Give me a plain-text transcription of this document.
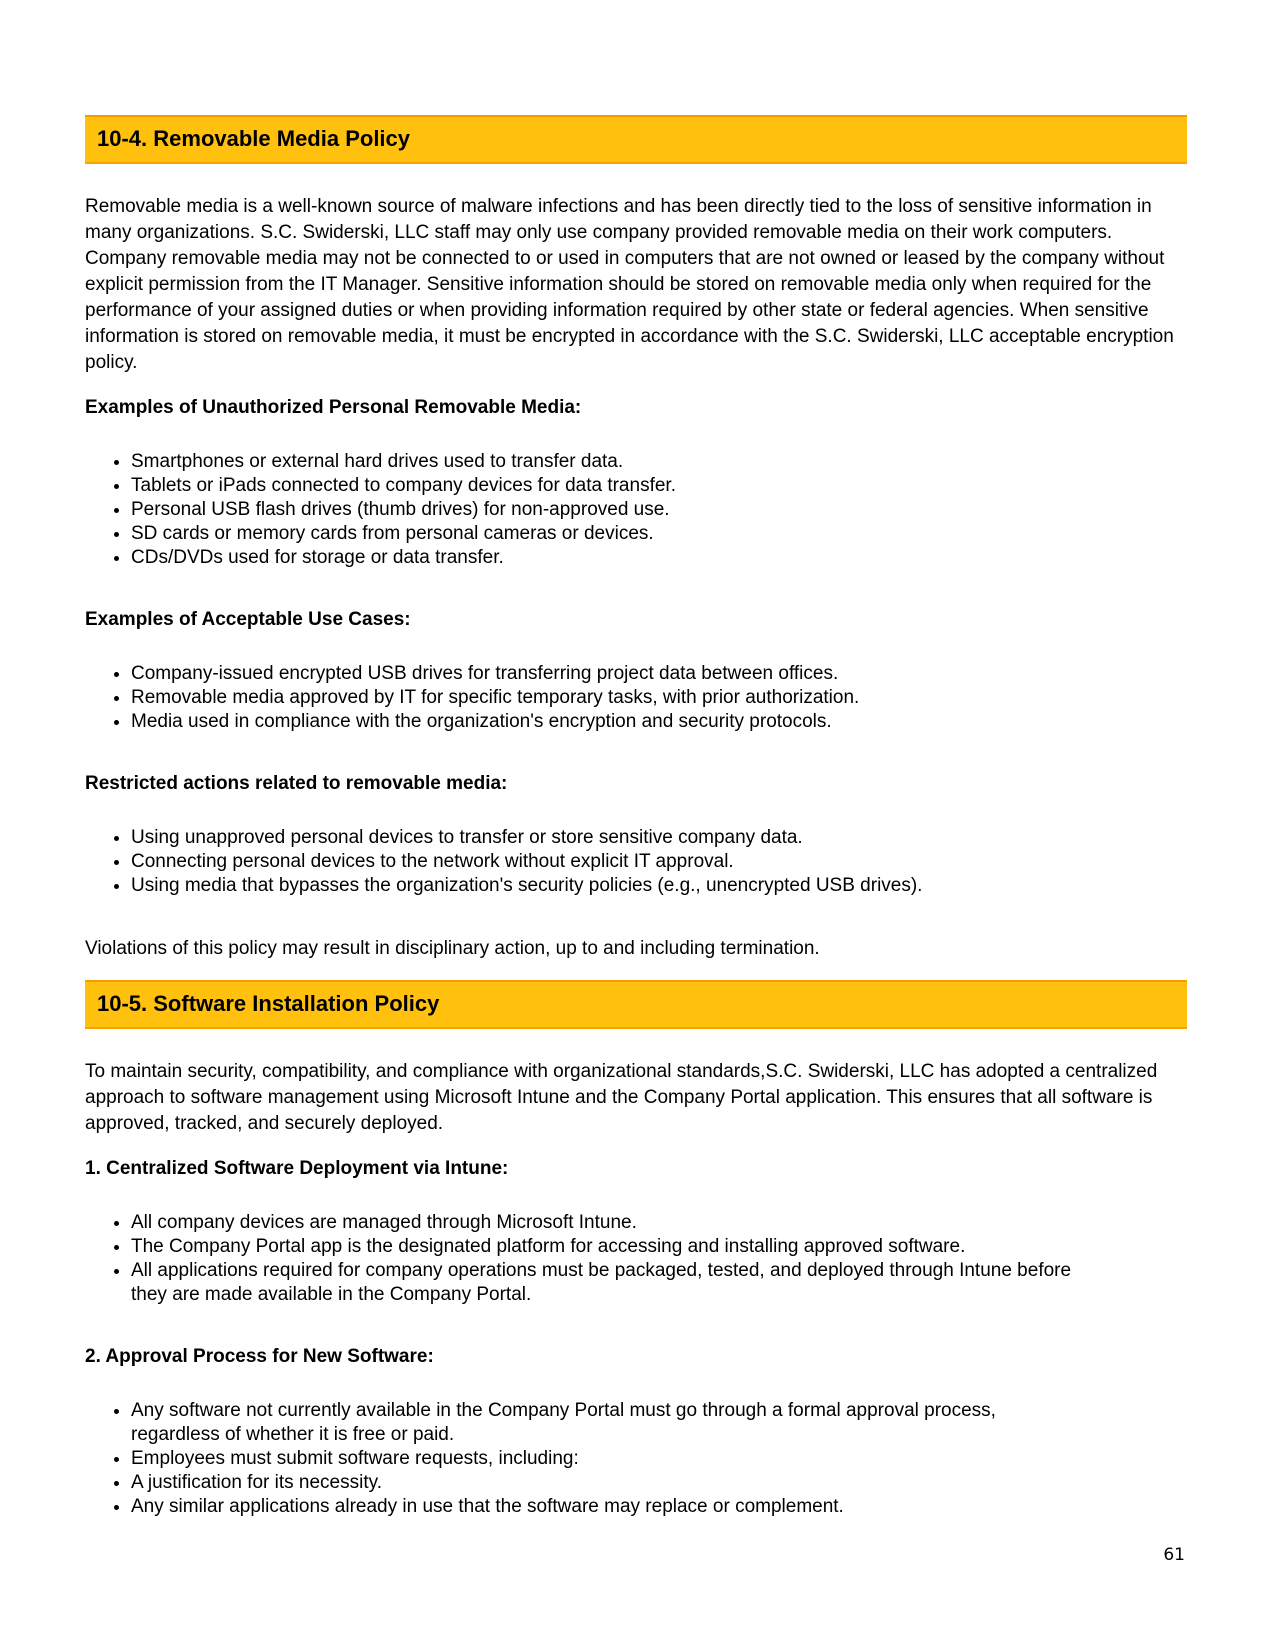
10-4. Removable Media Policy

Removable media is a well-known source of malware infections and has been directly tied to the loss of sensitive information in many organizations. S.C. Swiderski, LLC staff may only use company provided removable media on their work computers. Company removable media may not be connected to or used in computers that are not owned or leased by the company without explicit permission from the IT Manager. Sensitive information should be stored on removable media only when required for the performance of your assigned duties or when providing information required by other state or federal agencies. When sensitive information is stored on removable media, it must be encrypted in accordance with the S.C. Swiderski, LLC acceptable encryption policy.

Examples of Unauthorized Personal Removable Media:
• Smartphones or external hard drives used to transfer data.
• Tablets or iPads connected to company devices for data transfer.
• Personal USB flash drives (thumb drives) for non-approved use.
• SD cards or memory cards from personal cameras or devices.
• CDs/DVDs used for storage or data transfer.
Examples of Acceptable Use Cases:
• Company-issued encrypted USB drives for transferring project data between offices.
• Removable media approved by IT for specific temporary tasks, with prior authorization.
• Media used in compliance with the organization's encryption and security protocols.
Restricted actions related to removable media:
• Using unapproved personal devices to transfer or store sensitive company data.
• Connecting personal devices to the network without explicit IT approval.
• Using media that bypasses the organization's security policies (e.g., unencrypted USB drives).

Violations of this policy may result in disciplinary action, up to and including termination.

10-5. Software Installation Policy

To maintain security, compatibility, and compliance with organizational standards,S.C. Swiderski, LLC has adopted a centralized approach to software management using Microsoft Intune and the Company Portal application. This ensures that all software is approved, tracked, and securely deployed.

1. Centralized Software Deployment via Intune:
• All company devices are managed through Microsoft Intune.
• The Company Portal app is the designated platform for accessing and installing approved software.
• All applications required for company operations must be packaged, tested, and deployed through Intune before they are made available in the Company Portal.
2. Approval Process for New Software:
• Any software not currently available in the Company Portal must go through a formal approval process, regardless of whether it is free or paid.
• Employees must submit software requests, including:
• A justification for its necessity.
• Any similar applications already in use that the software may replace or complement.
61
